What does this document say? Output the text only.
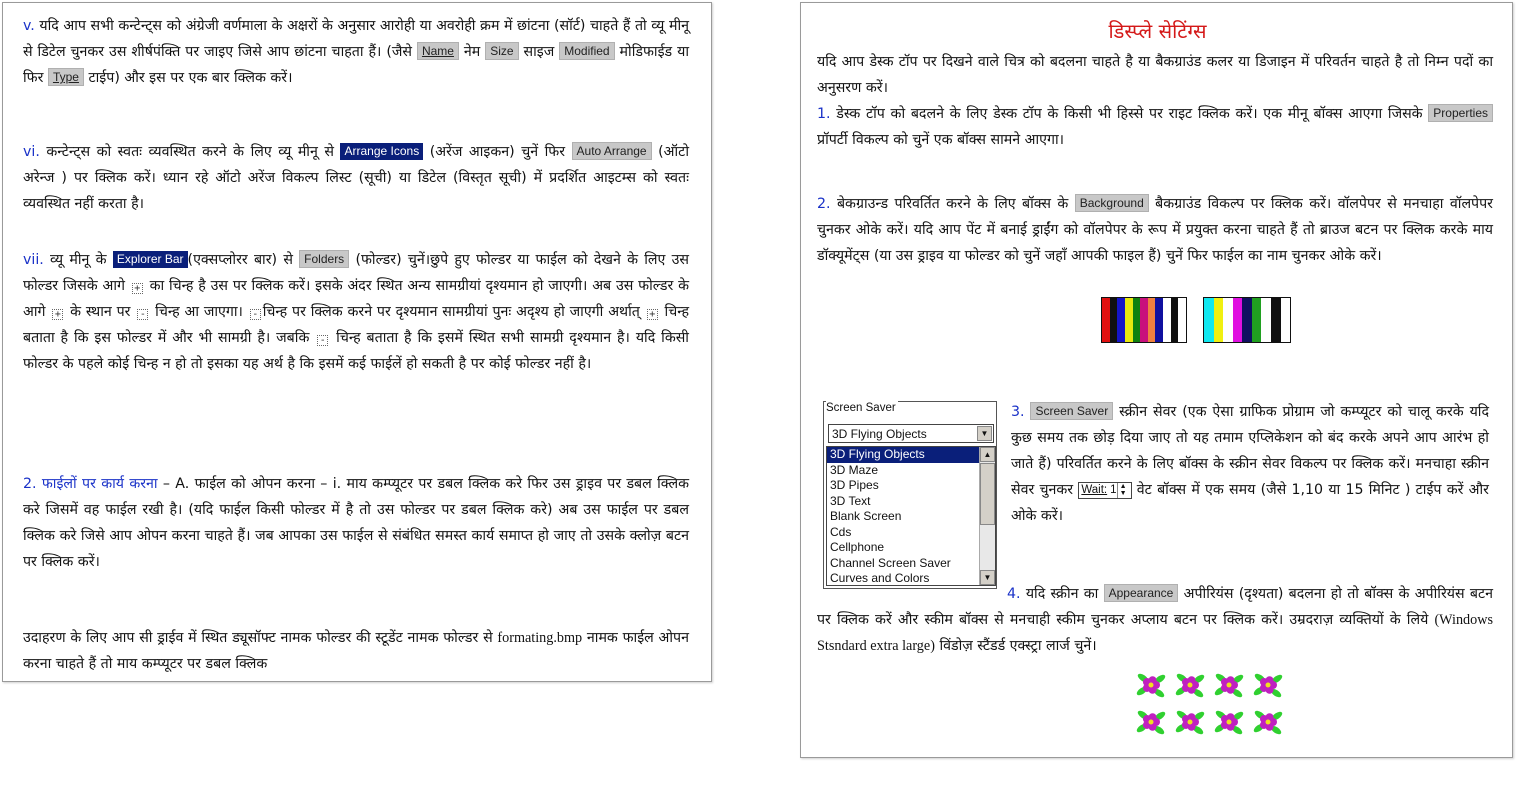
v. यदि आप सभी कन्टेन्ट्स को अंग्रेजी वर्णमाला के अक्षरों के अनुसार आरोही या अवरोही क्रम में छांटना (सॉर्ट) चाहते हैं तो व्यू मीनू से डिटेल चुनकर उस शीर्षपंक्ति पर जाइए जिसे आप छांटना चाहता हैं। (जैसे Name नेम Size साइज Modified मोडिफाईड या फिर Type टाईप) और इस पर एक बार क्लिक करें।
vi. कन्टेन्ट्स को स्वतः व्यवस्थित करने के लिए व्यू मीनू से Arrange Icons (अरेंज आइकन) चुनें फिर Auto Arrange (ऑटो अरेन्ज ) पर क्लिक करें। ध्यान रहे ऑटो अरेंज विकल्प लिस्ट (सूची) या डिटेल (विस्तृत सूची) में प्रदर्शित आइटम्स को स्वतः व्यवस्थित नहीं करता है।
vii. व्यू मीनू के Explorer Bar (एक्सप्लोरर बार) से Folders (फोल्डर) चुनें।छुपे हुए फोल्डर या फाईल को देखने के लिए उस फोल्डर जिसके आगे + का चिन्ह है उस पर क्लिक करें। इसके अंदर स्थित अन्य सामग्रीयां दृश्यमान हो जाएगी। अब उस फोल्डर के आगे + के स्थान पर - चिन्ह आ जाएगा। - चिन्ह पर क्लिक करने पर दृश्यमान सामग्रीयां पुनः अदृश्य हो जाएगी अर्थात् + चिन्ह बताता है कि इस फोल्डर में और भी सामग्री है। जबकि - चिन्ह बताता है कि इसमें स्थित सभी सामग्री दृश्यमान है। यदि किसी फोल्डर के पहले कोई चिन्ह न हो तो इसका यह अर्थ है कि इसमें कई फाईलें हो सकती है पर कोई फोल्डर नहीं है।
2. फाईलों पर कार्य करना – A. फाईल को ओपन करना – i. माय कम्प्यूटर पर डबल क्लिक करे फिर उस ड्राइव पर डबल क्लिक करे जिसमें वह फाईल रखी है। (यदि फाईल किसी फोल्डर में है तो उस फोल्डर पर डबल क्लिक करे) अब उस फाईल पर डबल क्लिक करे जिसे आप ओपन करना चाहते हैं। जब आपका उस फाईल से संबंधित समस्त कार्य समाप्त हो जाए तो उसके क्लोज़ बटन पर क्लिक करें।
उदाहरण के लिए आप सी ड्राईव में स्थित ड्यूसॉफ्ट नामक फोल्डर की स्टूडेंट नामक फोल्डर से formating.bmp नामक फाईल ओपन करना चाहते हैं तो माय कम्प्यूटर पर डबल क्लिक
डिस्प्ले सेटिंग्स
यदि आप डेस्क टॉप पर दिखने वाले चित्र को बदलना चाहते है या बैकग्राउंड कलर या डिजाइन में परिवर्तन चाहते है तो निम्न पदों का अनुसरण करें।
1. डेस्क टॉप को बदलने के लिए डेस्क टॉप के किसी भी हिस्से पर राइट क्लिक करें। एक मीनू बॉक्स आएगा जिसके Properties प्रॉपर्टी विकल्प को चुनें एक बॉक्स सामने आएगा।
2. बेकग्राउन्ड परिवर्तित करने के लिए बॉक्स के Background बैकग्राउंड विकल्प पर क्लिक करें। वॉलपेपर से मनचाहा वॉलपेपर चुनकर ओके करें। यदि आप पेंट में बनाई ड्राईंग को वॉलपेपर के रूप में प्रयुक्त करना चाहते हैं तो ब्राउज बटन पर क्लिक करके माय डॉक्यूमेंट्स (या उस ड्राइव या फोल्डर को चुनें जहाँ आपकी फाइल हैं) चुनें फिर फाईल का नाम चुनकर ओके करें।
Screen Saver
3D Flying Objects	▼
3D Flying Objects
3D Maze
3D Pipes
3D Text
Blank Screen
Cds
Cellphone
Channel Screen Saver
Curves and Colors
▲
▼
3. Screen Saver स्क्रीन सेवर (एक ऐसा ग्राफिक प्रोग्राम जो कम्प्यूटर को चालू करके यदि कुछ समय तक छोड़ दिया जाए तो यह तमाम एप्लिकेशन को बंद करके अपने आप आरंभ हो जाते हैं) परिवर्तित करने के लिए बॉक्स के स्क्रीन सेवर विकल्प पर क्लिक करें। मनचाहा स्क्रीन सेवर चुनकर Wait: 1 ▲
▼ वेट बॉक्स में एक समय (जैसे 1,10 या 15 मिनिट ) टाईप करें और ओके करें।
4. यदि स्क्रीन का Appearance अपीरियंस (दृश्यता) बदलना हो तो बॉक्स के अपीरियंस बटन पर क्लिक करें और स्कीम बॉक्स से मनचाही स्कीम चुनकर अप्लाय बटन पर क्लिक करें। उम्रदराज़ व्यक्तियों के लिये (Windows Stsndard extra large) विंडोज़ स्टैंडर्ड एक्स्ट्रा लार्ज चुनें।
